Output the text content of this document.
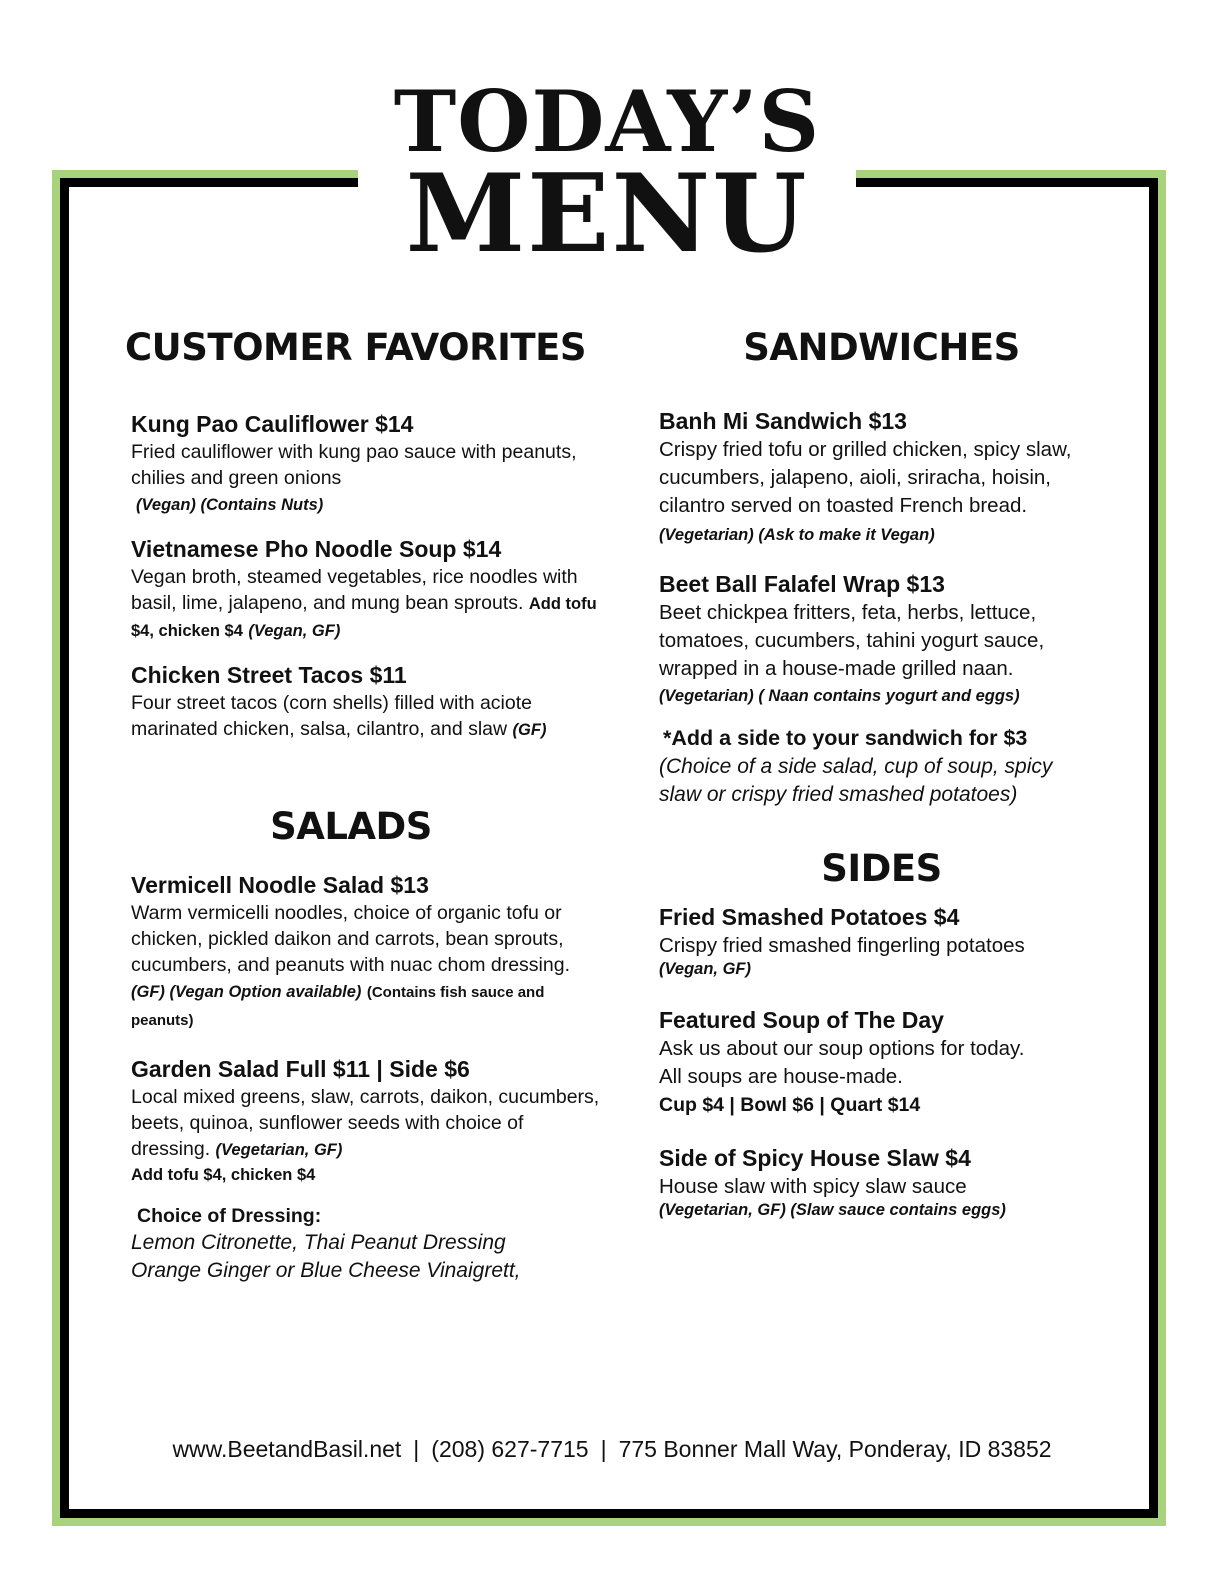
TODAY’S
MENU
CUSTOMER FAVORITES
Kung Pao Cauliflower $14
Fried cauliflower with kung pao sauce with peanuts, chilies and green onions
(Vegan) (Contains Nuts)
Vietnamese Pho Noodle Soup $14
Vegan broth, steamed vegetables, rice noodles with basil, lime, jalapeno, and mung bean sprouts. Add tofu $4, chicken $4 (Vegan, GF)
Chicken Street Tacos $11
Four street tacos (corn shells) filled with aciote marinated chicken, salsa, cilantro, and slaw (GF)
SALADS
Vermicell Noodle Salad $13
Warm vermicelli noodles, choice of organic tofu or chicken, pickled daikon and carrots, bean sprouts, cucumbers, and peanuts with nuac chom dressing. (GF) (Vegan Option available) (Contains fish sauce and peanuts)
Garden Salad Full $11 | Side $6
Local mixed greens, slaw, carrots, daikon, cucumbers, beets, quinoa, sunflower seeds with choice of dressing. (Vegetarian, GF)
Add tofu $4, chicken $4
Choice of Dressing:
Lemon Citronette, Thai Peanut Dressing
Orange Ginger or Blue Cheese Vinaigrett,
SANDWICHES
Banh Mi Sandwich $13
Crispy fried tofu or grilled chicken, spicy slaw, cucumbers, jalapeno, aioli, sriracha, hoisin, cilantro served on toasted French bread. (Vegetarian) (Ask to make it Vegan)
Beet Ball Falafel Wrap $13
Beet chickpea fritters, feta, herbs, lettuce, tomatoes, cucumbers, tahini yogurt sauce, wrapped in a house-made grilled naan.
(Vegetarian) ( Naan contains yogurt and eggs)
*Add a side to your sandwich for $3
(Choice of a side salad, cup of soup, spicy
slaw or crispy fried smashed potatoes)
SIDES
Fried Smashed Potatoes $4
Crispy fried smashed fingerling potatoes
(Vegan, GF)
Featured Soup of The Day
Ask us about our soup options for today.
All soups are house-made.
Cup $4 | Bowl $6 | Quart $14
Side of Spicy House Slaw $4
House slaw with spicy slaw sauce
(Vegetarian, GF) (Slaw sauce contains eggs)
www.BeetandBasil.net | (208) 627-7715 | 775 Bonner Mall Way, Ponderay, ID 83852
